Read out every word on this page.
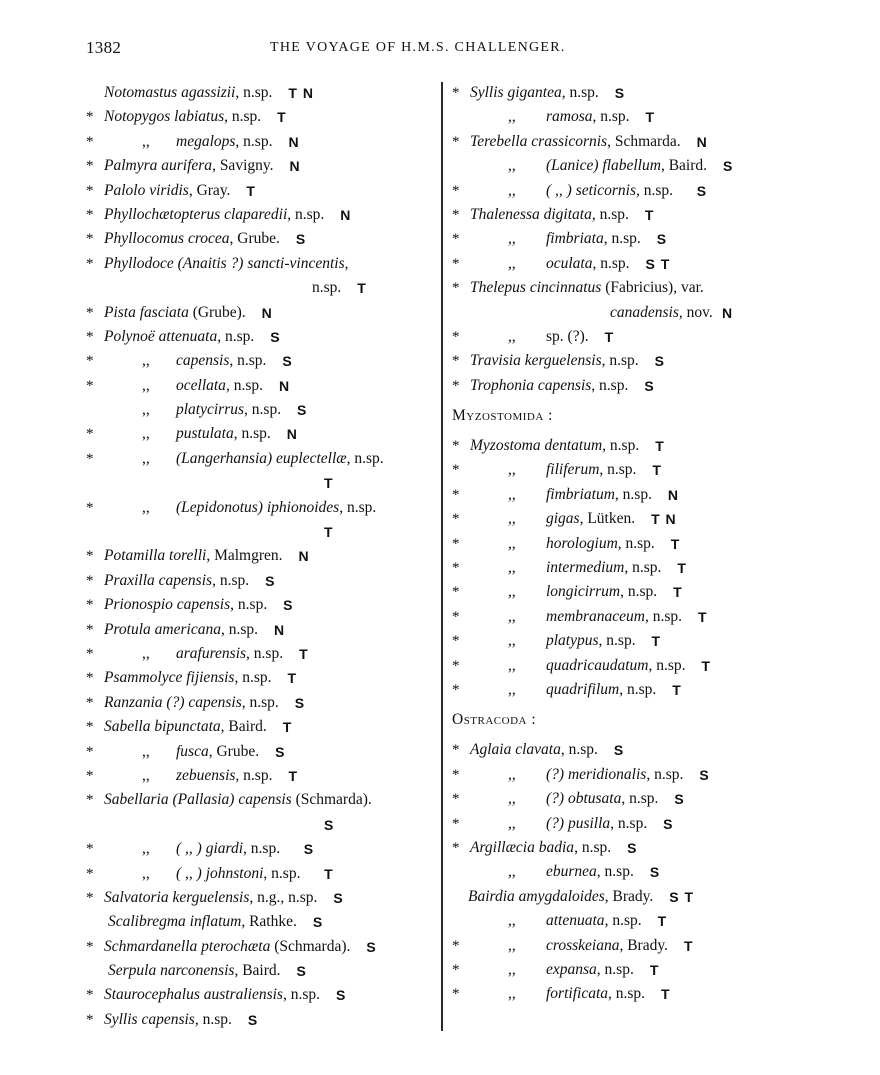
1382	THE VOYAGE OF H.M.S. CHALLENGER.
Notomastus agassizii, n.sp. T N
* Notopygos labiatus, n.sp. T
*	,, megalops, n.sp. N
* Palmyra aurifera, Savigny. N
* Palolo viridis, Gray. T
* Phyllochætopterus claparedii, n.sp. N
* Phyllocomus crocea, Grube. S
* Phyllodoce (Anaitis ?) sancti-vincentis,
n.sp. T
* Pista fasciata (Grube). N
* Polynoë attenuata, n.sp. S
*	,, capensis, n.sp. S
*	,, ocellata, n.sp. N
,, platycirrus, n.sp. S
*	,, pustulata, n.sp. N
*	,, (Langerhansia) euplectellæ, n.sp.
T
*	,, (Lepidonotus) iphionoides, n.sp.
T
* Potamilla torelli, Malmgren. N
* Praxilla capensis, n.sp. S
* Prionospio capensis, n.sp. S
* Protula americana, n.sp. N
*	,, arafurensis, n.sp. T
* Psammolyce fijiensis, n.sp. T
* Ranzania (?) capensis, n.sp. S
* Sabella bipunctata, Baird. T
*	,, fusca, Grube. S
*	,, zebuensis, n.sp. T
* Sabellaria (Pallasia) capensis (Schmarda).
S
*	,, ( ,, ) giardi, n.sp. S
*	,, ( ,, ) johnstoni, n.sp. T
* Salvatoria kerguelensis, n.g., n.sp. S
Scalibregma inflatum, Rathke. S
* Schmardanella pterochæta (Schmarda). S
Serpula narconensis, Baird. S
* Staurocephalus australiensis, n.sp. S
* Syllis capensis, n.sp. S
* Syllis gigantea, n.sp. S
,, ramosa, n.sp. T
* Terebella crassicornis, Schmarda. N
,, (Lanice) flabellum, Baird. S
*	,, ( ,, ) seticornis, n.sp. S
* Thalenessa digitata, n.sp. T
*	,, fimbriata, n.sp. S
*	,, oculata, n.sp. S T
* Thelepus cincinnatus (Fabricius), var.
canadensis, nov. N
*	,, sp. (?). T
* Travisia kerguelensis, n.sp. S
* Trophonia capensis, n.sp. S
Myzostomida :
* Myzostoma dentatum, n.sp. T
*	,, filiferum, n.sp. T
*	,, fimbriatum, n.sp. N
*	,, gigas, Lütken. T N
*	,, horologium, n.sp. T
*	,, intermedium, n.sp. T
*	,, longicirrum, n.sp. T
*	,, membranaceum, n.sp. T
*	,, platypus, n.sp. T
*	,, quadricaudatum, n.sp. T
*	,, quadrifilum, n.sp. T
Ostracoda :
* Aglaia clavata, n.sp. S
*	,, (?) meridionalis, n.sp. S
*	,, (?) obtusata, n.sp. S
*	,, (?) pusilla, n.sp. S
* Argillæcia badia, n.sp. S
,, eburnea, n.sp. S
Bairdia amygdaloides, Brady. S T
,, attenuata, n.sp. T
*	,, crosskeiana, Brady. T
*	,, expansa, n.sp. T
*	,, fortificata, n.sp. T
